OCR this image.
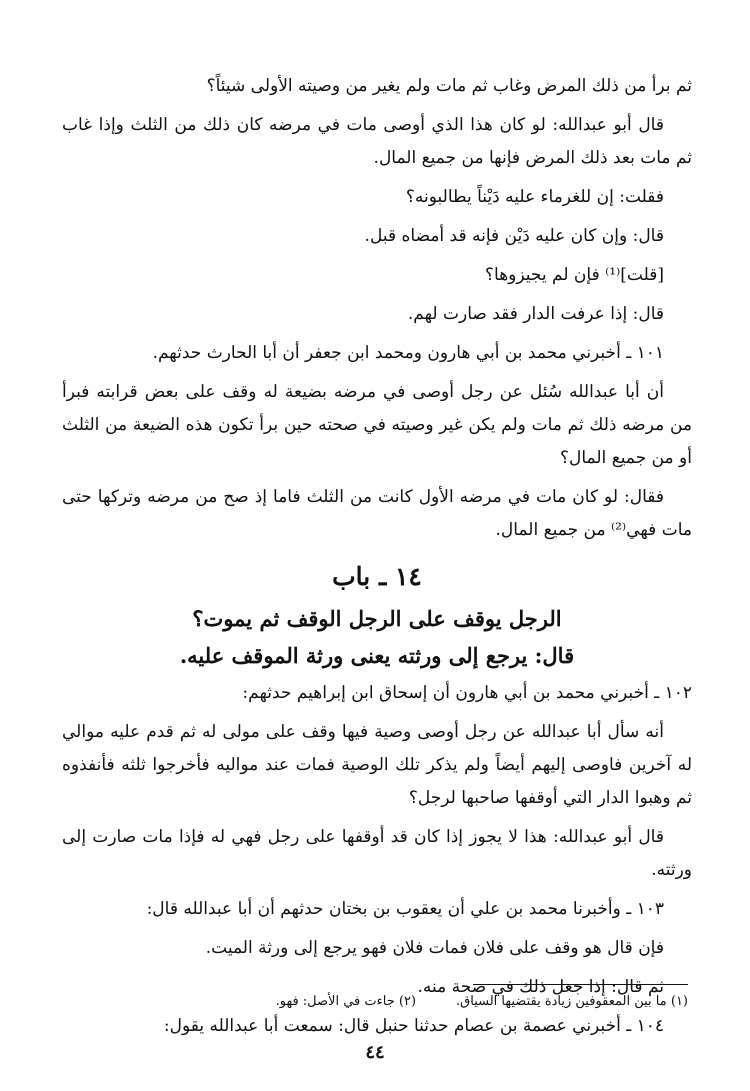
ثم برأ من ذلك المرض وغاب ثم مات ولم يغير من وصيته الأولى شيئاً؟

قال أبو عبدالله: لو كان هذا الذي أوصى مات في مرضه كان ذلك من الثلث وإذا غاب ثم مات بعد ذلك المرض فإنها من جميع المال.

فقلت: إن للغرماء عليه دَيْناً يطالبونه؟

قال: وإن كان عليه دَيْن فإنه قد أمضاه قبل.

[قلت]⁽¹⁾ فإن لم يجيزوها؟

قال: إذا عرفت الدار فقد صارت لهم.

١٠١ ـ أخبرني محمد بن أبي هارون ومحمد ابن جعفر أن أبا الحارث حدثهم.

أن أبا عبدالله سُئل عن رجل أوصى في مرضه بضيعة له وقف على بعض قرابته فبرأ من مرضه ذلك ثم مات ولم يكن غير وصيته في صحته حين برأ تكون هذه الضيعة من الثلث أو من جميع المال؟

فقال: لو كان مات في مرضه الأول كانت من الثلث فاما إذ صح من مرضه وتركها حتى مات فهي⁽²⁾ من جميع المال.

١٤ ـ باب
الرجل يوقف على الرجل الوقف ثم يموت؟
قال: يرجع إلى ورثته يعنى ورثة الموقف عليه.

١٠٢ ـ أخبرني محمد بن أبي هارون أن إسحاق ابن إبراهيم حدثهم:

أنه سأل أبا عبدالله عن رجل أوصى وصية فيها وقف على مولى له ثم قدم عليه موالي له آخرين فاوصى إليهم أيضاً ولم يذكر تلك الوصية فمات عند مواليه فأخرجوا ثلثه فأنفذوه ثم وهبوا الدار التي أوقفها صاحبها لرجل؟

قال أبو عبدالله: هذا لا يجوز إذا كان قد أوقفها على رجل فهي له فإذا مات صارت إلى ورثته.

١٠٣ ـ وأخبرنا محمد بن علي أن يعقوب بن بختان حدثهم أن أبا عبدالله قال:

فإن قال هو وقف على فلان فمات فلان فهو يرجع إلى ورثة الميت.

ثم قال: إذا جعل ذلك في صحة منه.

١٠٤ ـ أخبرني عصمة بن عصام حدثنا حنبل قال: سمعت أبا عبدالله يقول:

(١) ما بين المعقوفين زيادة يقتضيها السياق.
(٢) جاءت في الأصل: فهو.
٤٤
